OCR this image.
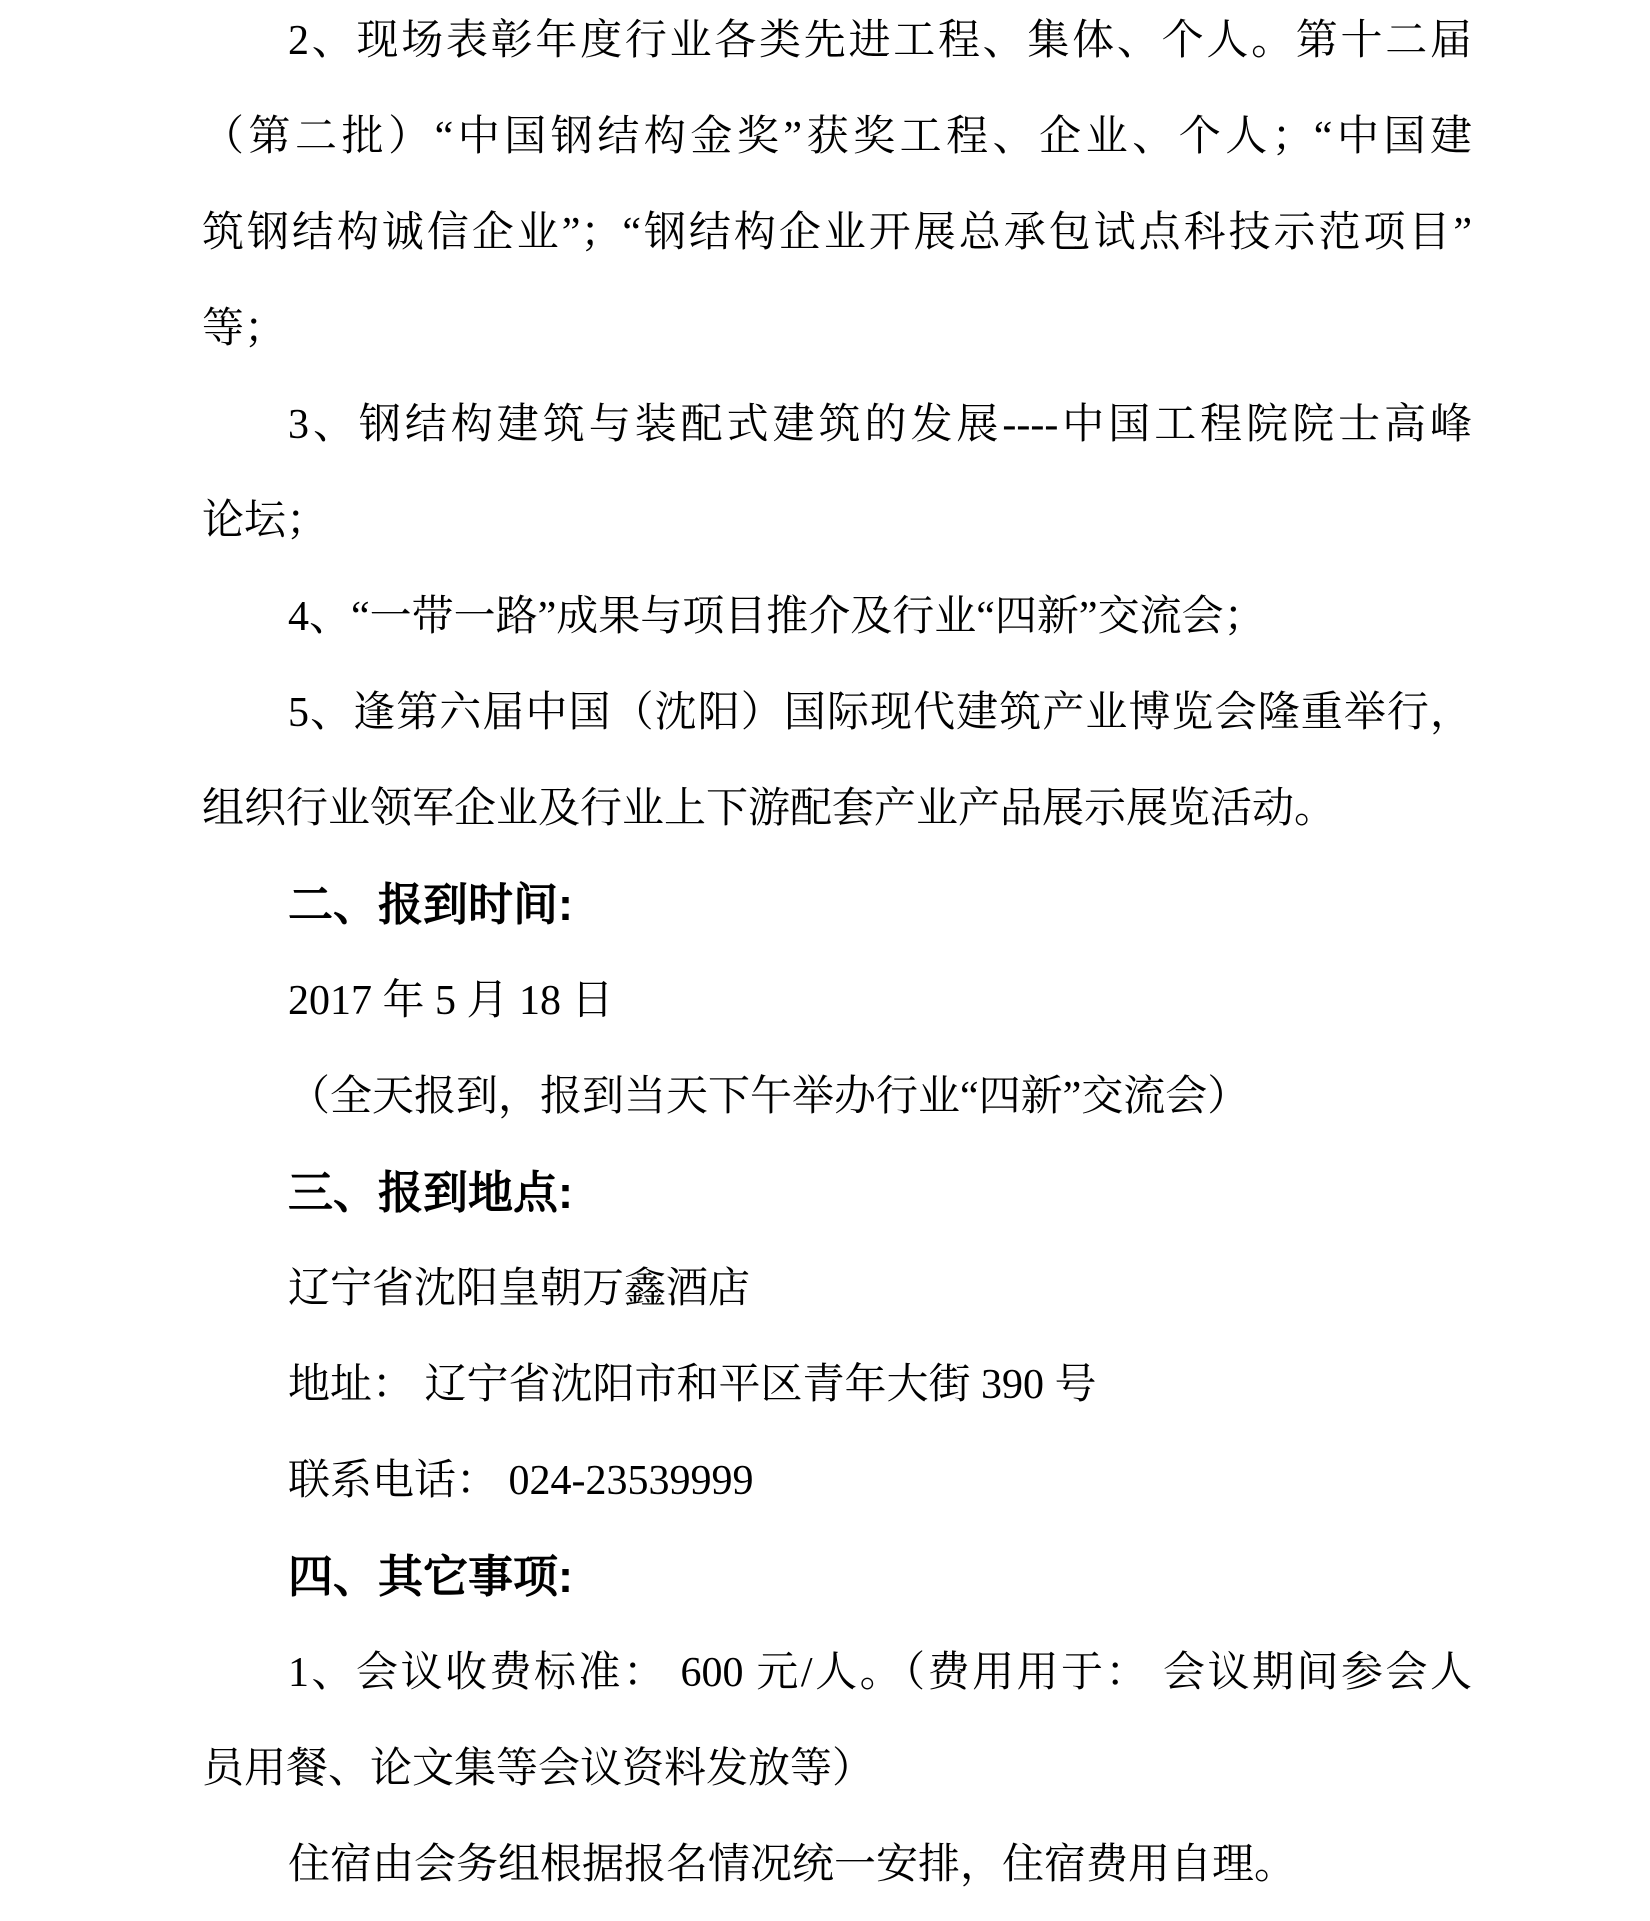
2、现场表彰年度行业各类先进工程、集体、个人。第十二届
（第二批）“中国钢结构金奖”获奖工程、企业、个人；“中国建
筑钢结构诚信企业”；“钢结构企业开展总承包试点科技示范项目”
等；
3、钢结构建筑与装配式建筑的发展----中国工程院院士高峰
论坛；
4、“一带一路”成果与项目推介及行业“四新”交流会；
5、逢第六届中国（沈阳）国际现代建筑产业博览会隆重举行，
组织行业领军企业及行业上下游配套产业产品展示展览活动。
二、报到时间:
2017 年 5 月 18 日
（全天报到，报到当天下午举办行业“四新”交流会）
三、报到地点:
辽宁省沈阳皇朝万鑫酒店
地址： 辽宁省沈阳市和平区青年大街 390 号
联系电话： 024-23539999
四、其它事项:
1、会议收费标准： 600 元/人。（费用用于： 会议期间参会人
员用餐、论文集等会议资料发放等）
住宿由会务组根据报名情况统一安排，住宿费用自理。
